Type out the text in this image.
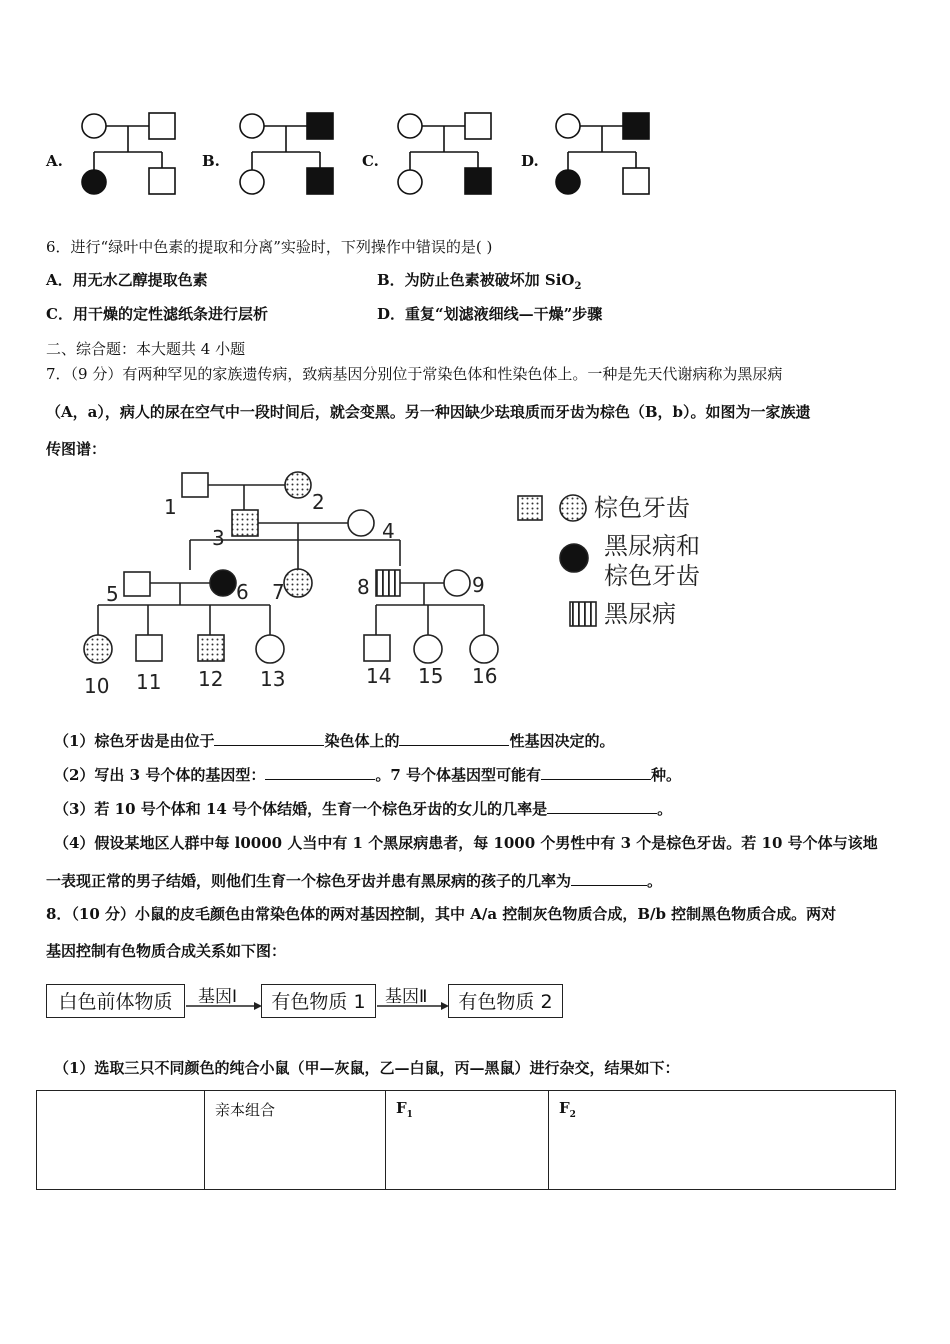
A.	B.	C.	D.
6．进行“绿叶中色素的提取和分离”实验时，下列操作中错误的是( )
A．用无水乙醇提取色素	B．为防止色素被破坏加 SiO$_2$
C．用干燥的定性滤纸条进行层析	D．重复“划滤液细线—干燥”步骤
二、综合题：本大题共 4 小题
7．（9 分）有两种罕见的家族遗传病，致病基因分别位于常染色体和性染色体上。一种是先天代谢病称为黑尿病
（A，a），病人的尿在空气中一段时间后，就会变黑。另一种因缺少珐琅质而牙齿为棕色（B，b）。如图为一家族遗
传图谱：
1	2
3	4
5	6 7	8	9
10 11 12 13	14 15 16
棕色牙齿
黑尿病和
棕色牙齿
黑尿病
（1）棕色牙齿是由位于	染色体上的	性基因决定的。
（2）写出 3 号个体的基因型：	。7 号个体基因型可能有	种。
（3）若 10 号个体和 14 号个体结婚，生育一个棕色牙齿的女儿的几率是	。
（4）假设某地区人群中每 l0000 人当中有 1 个黑尿病患者，每 1000 个男性中有 3 个是棕色牙齿。若 10 号个体与该地
一表现正常的男子结婚，则他们生育一个棕色牙齿并患有黑尿病的孩子的几率为	。
8．（10 分）小鼠的皮毛颜色由常染色体的两对基因控制，其中 A/a 控制灰色物质合成，B/b 控制黑色物质合成。两对
基因控制有色物质合成关系如下图：
白色前体物质	基因Ⅰ	有色物质 1	基因Ⅱ	有色物质 2
（1）选取三只不同颜色的纯合小鼠（甲—灰鼠，乙—白鼠，丙—黑鼠）进行杂交，结果如下：
	亲本组合	$F_1$	$F_2$
